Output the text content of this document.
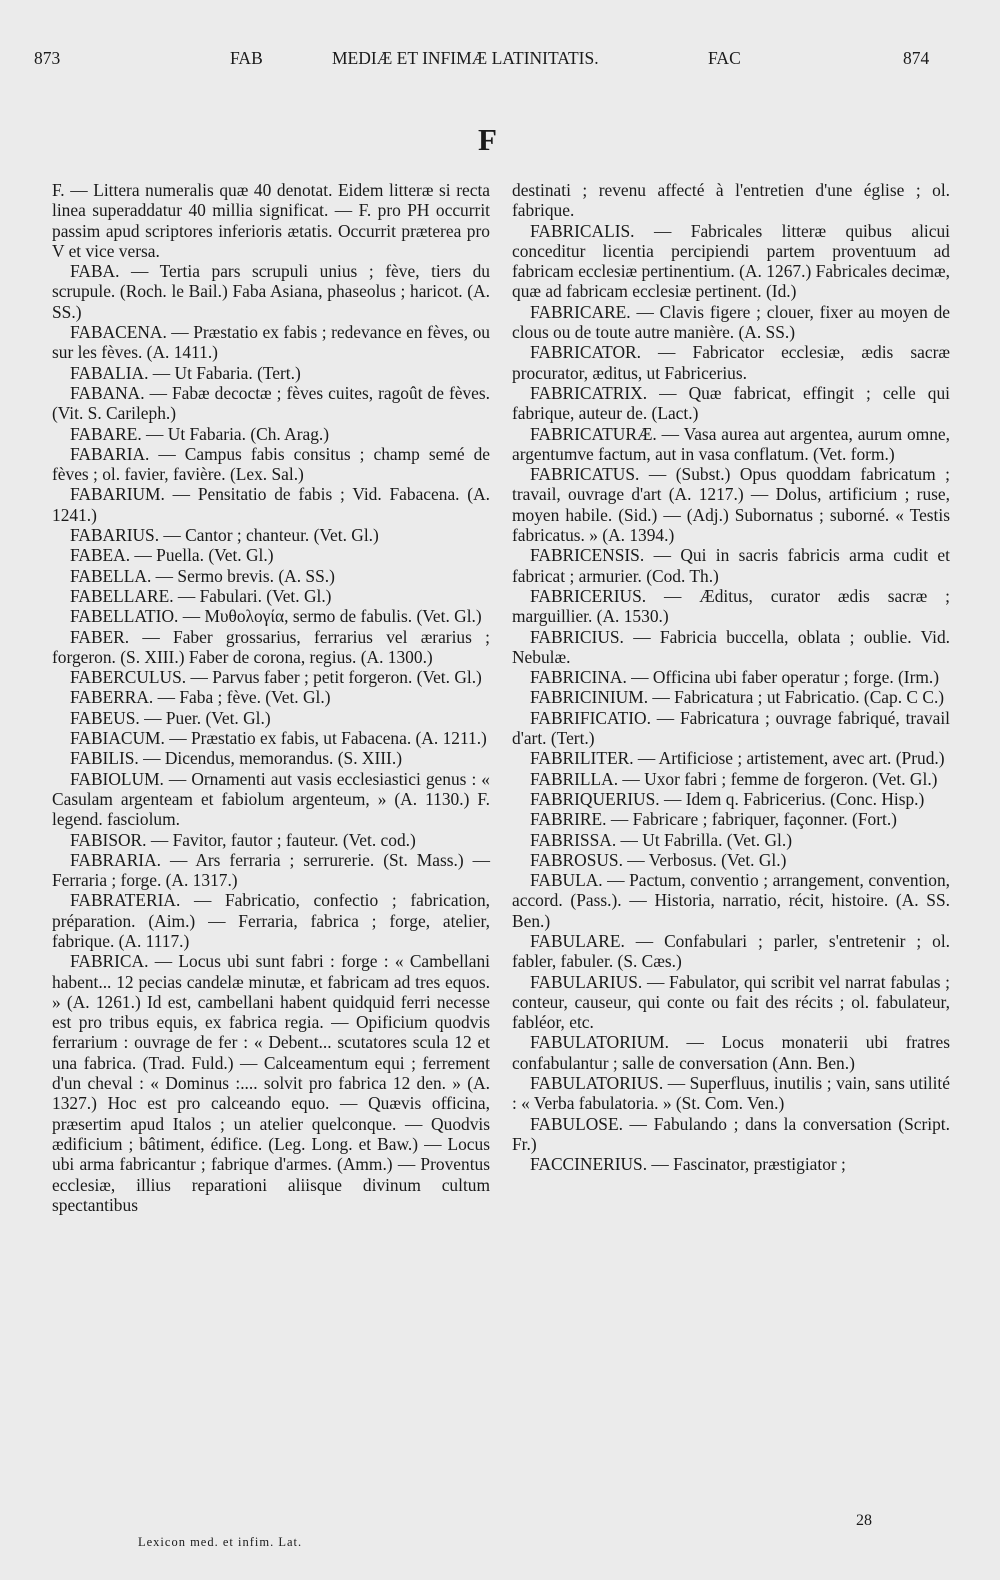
873	FAB	MEDIÆ ET INFIMÆ LATINITATIS.	FAC	874
F

F. — Littera numeralis quæ 40 denotat. Eidem litteræ si recta linea superaddatur 40 millia significat. — F. pro PH occurrit passim apud scriptores inferioris ætatis. Occurrit præterea pro V et vice versa.

FABA. — Tertia pars scrupuli unius ; fève, tiers du scrupule. (Roch. le Bail.) Faba Asiana, phaseolus ; haricot. (A. SS.)

FABACENA. — Præstatio ex fabis ; redevance en fèves, ou sur les fèves. (A. 1411.)

FABALIA. — Ut Fabaria. (Tert.)

FABANA. — Fabæ decoctæ ; fèves cuites, ragoût de fèves. (Vit. S. Carileph.)

FABARE. — Ut Fabaria. (Ch. Arag.)

FABARIA. — Campus fabis consitus ; champ semé de fèves ; ol. favier, favière. (Lex. Sal.)

FABARIUM. — Pensitatio de fabis ; Vid. Fabacena. (A. 1241.)

FABARIUS. — Cantor ; chanteur. (Vet. Gl.)

FABEA. — Puella. (Vet. Gl.)

FABELLA. — Sermo brevis. (A. SS.)

FABELLARE. — Fabulari. (Vet. Gl.)

FABELLATIO. — Μυθολογία, sermo de fabulis. (Vet. Gl.)

FABER. — Faber grossarius, ferrarius vel ærarius ; forgeron. (S. XIII.) Faber de corona, regius. (A. 1300.)

FABERCULUS. — Parvus faber ; petit forgeron. (Vet. Gl.)

FABERRA. — Faba ; fève. (Vet. Gl.)

FABEUS. — Puer. (Vet. Gl.)

FABIACUM. — Præstatio ex fabis, ut Fabacena. (A. 1211.)

FABILIS. — Dicendus, memorandus. (S. XIII.)

FABIOLUM. — Ornamenti aut vasis ecclesiastici genus : « Casulam argenteam et fabiolum argenteum, » (A. 1130.) F. legend. fasciolum.

FABISOR. — Favitor, fautor ; fauteur. (Vet. cod.)

FABRARIA. — Ars ferraria ; serrurerie. (St. Mass.) — Ferraria ; forge. (A. 1317.)

FABRATERIA. — Fabricatio, confectio ; fabrication, préparation. (Aim.) — Ferraria, fabrica ; forge, atelier, fabrique. (A. 1117.)

FABRICA. — Locus ubi sunt fabri : forge : « Cambellani habent... 12 pecias candelæ minutæ, et fabricam ad tres equos. » (A. 1261.) Id est, cambellani habent quidquid ferri necesse est pro tribus equis, ex fabrica regia. — Opificium quodvis ferrarium : ouvrage de fer : « Debent... scutatores scula 12 et una fabrica. (Trad. Fuld.) — Calceamentum equi ; ferrement d'un cheval : « Dominus :.... solvit pro fabrica 12 den. » (A. 1327.) Hoc est pro calceando equo. — Quævis officina, præsertim apud Italos ; un atelier quelconque. — Quodvis ædificium ; bâtiment, édifice. (Leg. Long. et Baw.) — Locus ubi arma fabricantur ; fabrique d'armes. (Amm.) — Proventus ecclesiæ, illius reparationi aliisque divinum cultum spectantibus

destinati ; revenu affecté à l'entretien d'une église ; ol. fabrique.

FABRICALIS. — Fabricales litteræ quibus alicui conceditur licentia percipiendi partem proventuum ad fabricam ecclesiæ pertinentium. (A. 1267.) Fabricales decimæ, quæ ad fabricam ecclesiæ pertinent. (Id.)

FABRICARE. — Clavis figere ; clouer, fixer au moyen de clous ou de toute autre manière. (A. SS.)

FABRICATOR. — Fabricator ecclesiæ, ædis sacræ procurator, æditus, ut Fabricerius.

FABRICATRIX. — Quæ fabricat, effingit ; celle qui fabrique, auteur de. (Lact.)

FABRICATURÆ. — Vasa aurea aut argentea, aurum omne, argentumve factum, aut in vasa conflatum. (Vet. form.)

FABRICATUS. — (Subst.) Opus quoddam fabricatum ; travail, ouvrage d'art (A. 1217.) — Dolus, artificium ; ruse, moyen habile. (Sid.) — (Adj.) Subornatus ; suborné. « Testis fabricatus. » (A. 1394.)

FABRICENSIS. — Qui in sacris fabricis arma cudit et fabricat ; armurier. (Cod. Th.)

FABRICERIUS. — Æditus, curator ædis sacræ ; marguillier. (A. 1530.)

FABRICIUS. — Fabricia buccella, oblata ; oublie. Vid. Nebulæ.

FABRICINA. — Officina ubi faber operatur ; forge. (Irm.)

FABRICINIUM. — Fabricatura ; ut Fabricatio. (Cap. C C.)

FABRIFICATIO. — Fabricatura ; ouvrage fabriqué, travail d'art. (Tert.)

FABRILITER. — Artificiose ; artistement, avec art. (Prud.)

FABRILLA. — Uxor fabri ; femme de forgeron. (Vet. Gl.)

FABRIQUERIUS. — Idem q. Fabricerius. (Conc. Hisp.)

FABRIRE. — Fabricare ; fabriquer, façonner. (Fort.)

FABRISSA. — Ut Fabrilla. (Vet. Gl.)

FABROSUS. — Verbosus. (Vet. Gl.)

FABULA. — Pactum, conventio ; arrangement, convention, accord. (Pass.). — Historia, narratio, récit, histoire. (A. SS. Ben.)

FABULARE. — Confabulari ; parler, s'entretenir ; ol. fabler, fabuler. (S. Cæs.)

FABULARIUS. — Fabulator, qui scribit vel narrat fabulas ; conteur, causeur, qui conte ou fait des récits ; ol. fabulateur, fabléor, etc.

FABULATORIUM. — Locus monaterii ubi fratres confabulantur ; salle de conversation (Ann. Ben.)

FABULATORIUS. — Superfluus, inutilis ; vain, sans utilité : « Verba fabulatoria. » (St. Com. Ven.)

FABULOSE. — Fabulando ; dans la conversation (Script. Fr.)

FACCINERIUS. — Fascinator, præstigiator ;

Lexicon med. et infim. Lat.
28
